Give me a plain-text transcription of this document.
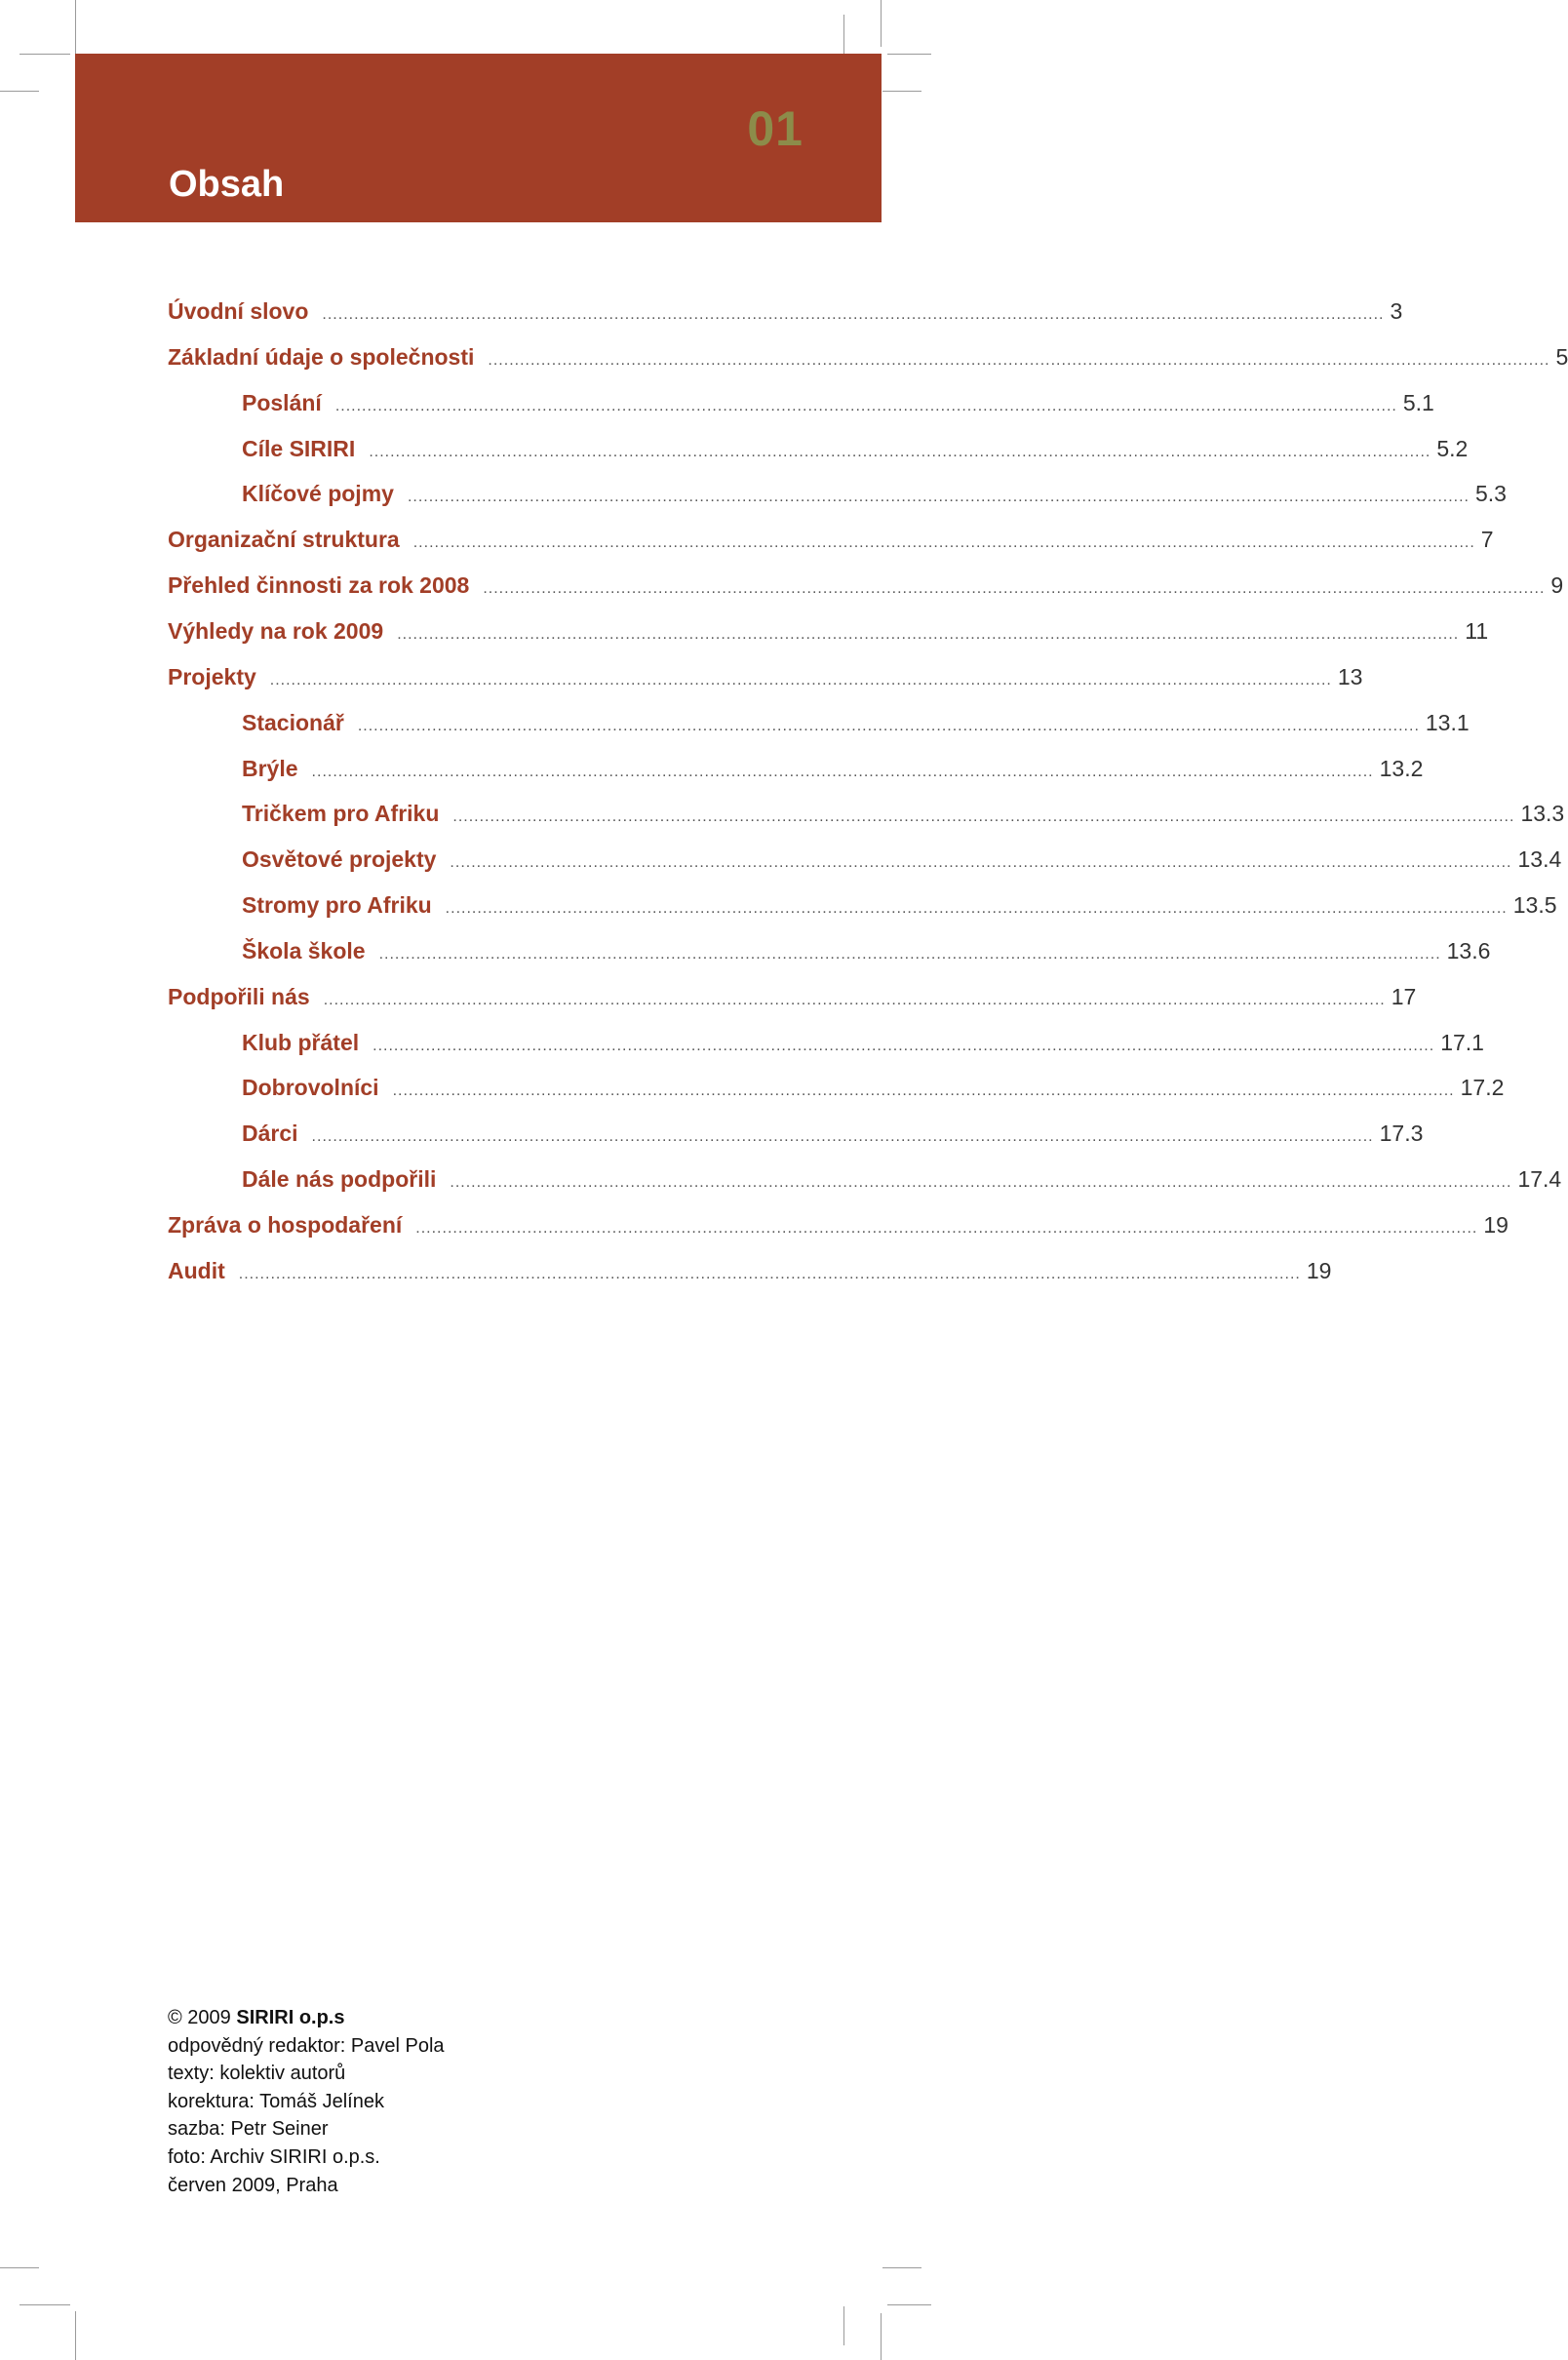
01
Obsah
Úvodní slovo ........................................................................................................................................................................................................ 3
Základní údaje o společnosti ........................................................................................................................................................................................................ 5
Poslání ........................................................................................................................................................................................................ 5.1
Cíle SIRIRI ........................................................................................................................................................................................................ 5.2
Klíčové pojmy ........................................................................................................................................................................................................ 5.3
Organizační struktura ........................................................................................................................................................................................................ 7
Přehled činnosti za rok 2008 ........................................................................................................................................................................................................ 9
Výhledy na rok 2009 ........................................................................................................................................................................................................ 11
Projekty ........................................................................................................................................................................................................ 13
Stacionář ........................................................................................................................................................................................................ 13.1
Brýle ........................................................................................................................................................................................................ 13.2
Tričkem pro Afriku ........................................................................................................................................................................................................ 13.3
Osvětové projekty ........................................................................................................................................................................................................ 13.4
Stromy pro Afriku ........................................................................................................................................................................................................ 13.5
Škola škole ........................................................................................................................................................................................................ 13.6
Podpořili nás ........................................................................................................................................................................................................ 17
Klub přátel ........................................................................................................................................................................................................ 17.1
Dobrovolníci ........................................................................................................................................................................................................ 17.2
Dárci ........................................................................................................................................................................................................ 17.3
Dále nás podpořili ........................................................................................................................................................................................................ 17.4
Zpráva o hospodaření ........................................................................................................................................................................................................ 19
Audit ........................................................................................................................................................................................................ 19
© 2009 SIRIRI o.p.s
odpovědný redaktor: Pavel Pola
texty: kolektiv autorů
korektura: Tomáš Jelínek
sazba: Petr Seiner
foto: Archiv SIRIRI o.p.s.
červen 2009, Praha
